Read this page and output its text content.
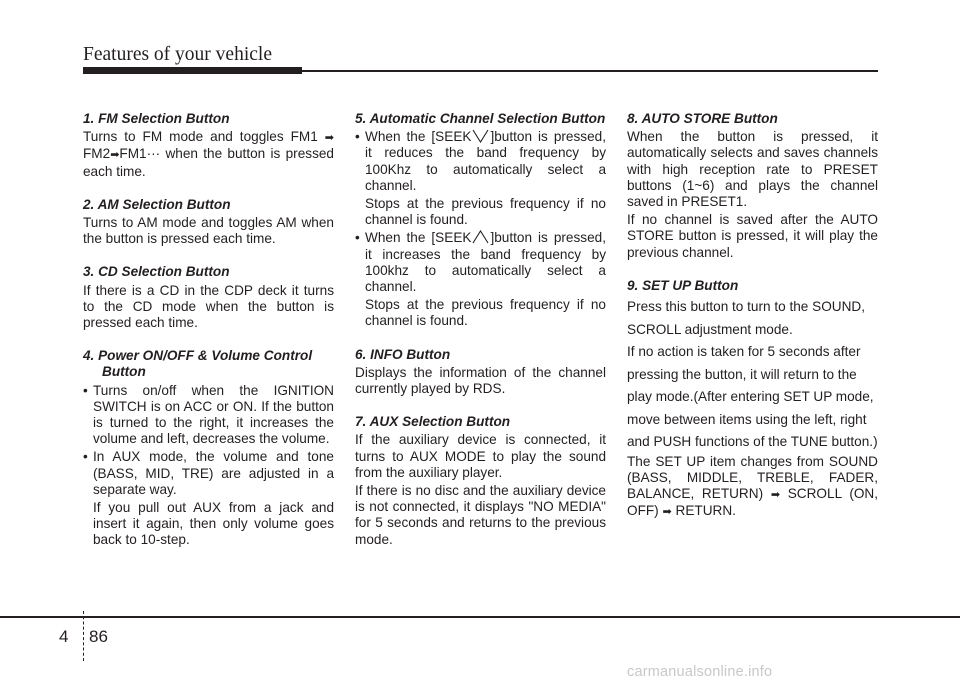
Features of your vehicle
1. FM Selection Button
Turns to FM mode and toggles FM1 ➡ FM2➡FM1··· when the button is pressed each time.
2. AM Selection Button
Turns to AM mode and toggles AM when the button is pressed each time.
3. CD Selection Button
If there is a CD in the CDP deck it turns to the CD mode when the button is pressed each time.
4. Power ON/OFF & Volume Control Button
• Turns on/off when the IGNITION SWITCH is on ACC or ON. If the button is turned to the right, it increases the volume and left, decreases the volume.
• In AUX mode, the volume and tone (BASS, MID, TRE) are adjusted in a separate way.
If you pull out AUX from a jack and insert it again, then only volume goes back to 10-step.
5. Automatic Channel Selection Button
• When the [SEEK ]button is pressed, it reduces the band frequency by 100Khz to automatically select a channel.
Stops at the previous frequency if no channel is found.
• When the [SEEK ]button is pressed, it increases the band frequency by 100khz to automatically select a channel.
Stops at the previous frequency if no channel is found.
6. INFO Button
Displays the information of the channel currently played by RDS.
7. AUX Selection Button
If the auxiliary device is connected, it turns to AUX MODE to play the sound from the auxiliary player.
If there is no disc and the auxiliary device is not connected, it displays "NO MEDIA" for 5 seconds and returns to the previous mode.
8. AUTO STORE Button
When the button is pressed, it automatically selects and saves channels with high reception rate to PRESET buttons (1~6) and plays the channel saved in PRESET1.
If no channel is saved after the AUTO STORE button is pressed, it will play the previous channel.
9. SET UP Button
Press this button to turn to the SOUND, SCROLL adjustment mode.
If no action is taken for 5 seconds after pressing the button, it will return to the play mode.(After entering SET UP mode, move between items using the left, right and PUSH functions of the TUNE button.)
The SET UP item changes from SOUND (BASS, MIDDLE, TREBLE, FADER, BALANCE, RETURN) ➡ SCROLL (ON, OFF) ➡ RETURN.
4 86
carmanualsonline.info
